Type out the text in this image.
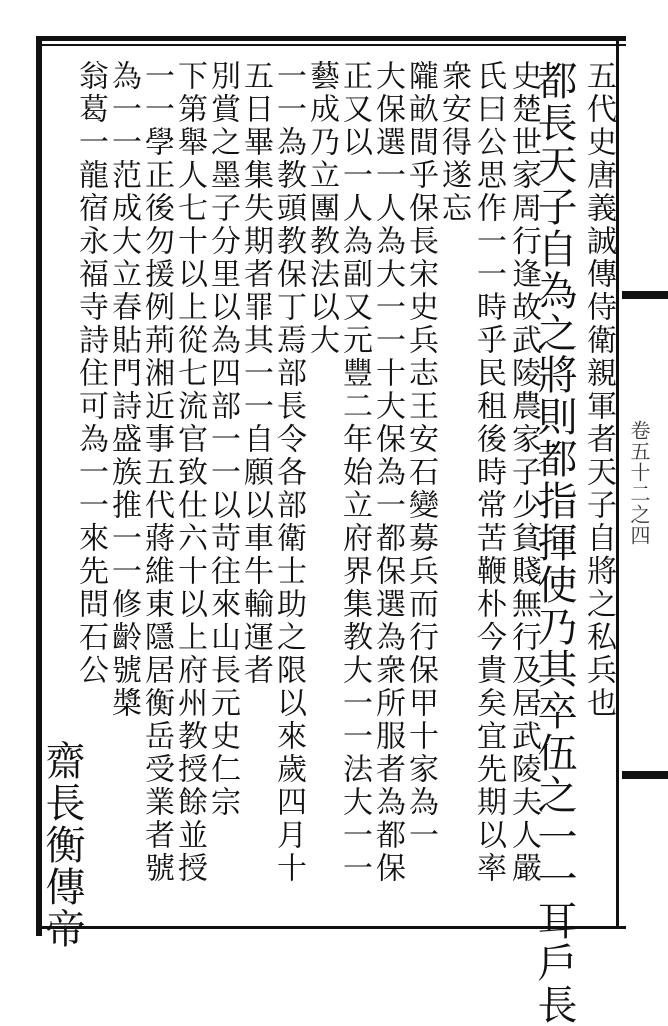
卷五十二之四
五代史唐義誠傳侍衛親軍者天子自將之私兵也
都長天子自為之將則都指揮使乃其卒伍之一一耳戶長
史楚世家周行逢故武陵農家子少貧賤無行及居武陵夫人嚴
氏曰公思作一一時乎民租後時常苦鞭朴今貴矣宜先期以率
衆安得遂忘
隴畝間乎保長宋史兵志王安石變募兵而行保甲十家為一
大保選一人為大一一十大保為一都保選為衆所服者為都保
正又以一人為副又元豐二年始立府界集教大一一法大一一
藝成乃立團教法以大
一一為教頭教保丁焉部長令各部衛士助之限以來歲四月十
五日畢集失期者罪其一一自願以車牛輸運者
別賞之墨子分里以為四部一一以苛往來山長元史仁宗
下第舉人七十以上從七流官致仕六十以上府州教授餘並授
一一學正後勿援例荊湘近事五代蔣維東隱居衡岳受業者號
為一一范成大立春貼門詩盛族推一一修齡號槳
翁葛一龍宿永福寺詩住可為一一來先問石公
齋長衡傳帝
